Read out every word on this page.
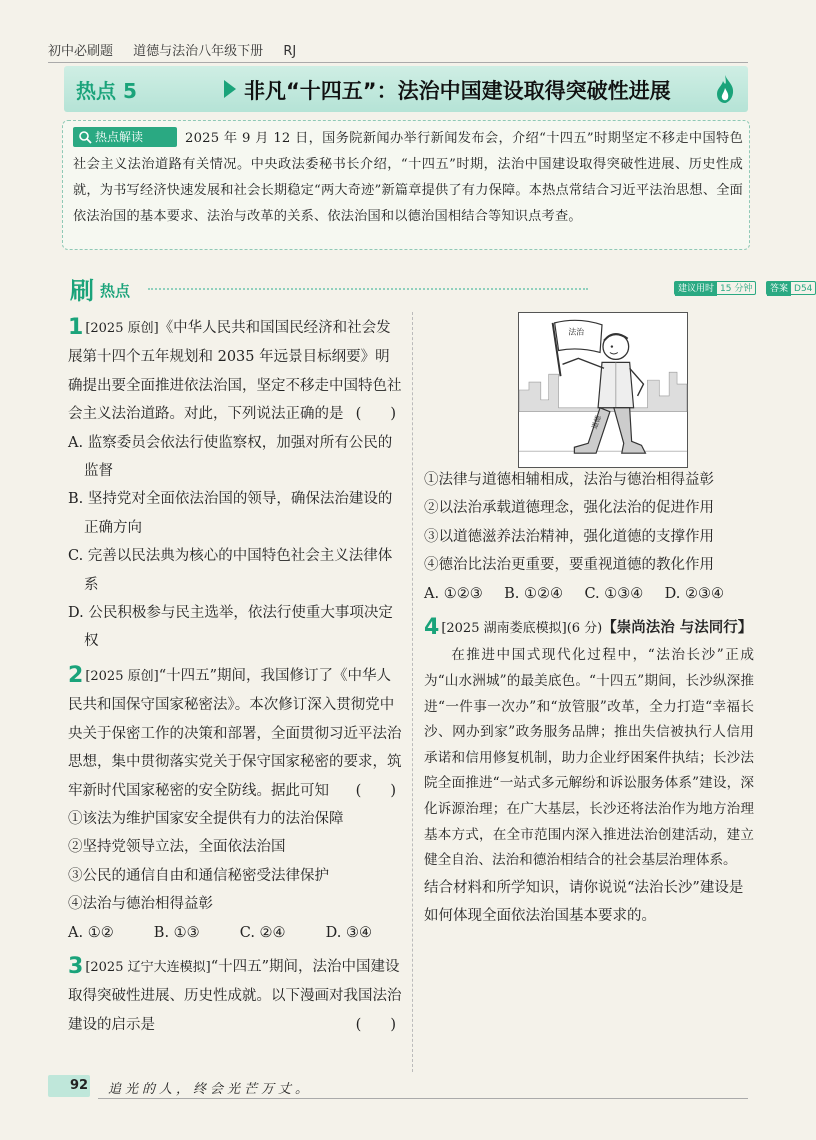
初中必刷题 道德与法治八年级下册 RJ
热点 5	非凡“十四五”：法治中国建设取得突破性进展

2025 年 9 月 12 日，国务院新闻办举行新闻发布会，介绍“十四五”时期坚定不移走中国特色社会主义法治道路有关情况。中央政法委秘书长介绍，“十四五”时期，法治中国建设取得突破性进展、历史性成就，为书写经济快速发展和社会长期稳定“两大奇迹”新篇章提供了有力保障。本热点常结合习近平法治思想、全面依法治国的基本要求、法治与改革的关系、依法治国和以德治国相结合等知识点考查。

热点解读
刷 热点	建议用时 15 分钟	答案 D54
1 [2025 原创]《中华人民共和国国民经济和社会发展第十四个五年规划和 2035 年远景目标纲要》明确提出要全面推进依法治国，坚定不移走中国特色社会主义法治道路。对此，下列说法正确的是 (　　)
A. 监察委员会依法行使监察权，加强对所有公民的监督
B. 坚持党对全面依法治国的领导，确保法治建设的正确方向
C. 完善以民法典为核心的中国特色社会主义法律体系
D. 公民积极参与民主选举，依法行使重大事项决定权
2 [2025 原创]“十四五”期间，我国修订了《中华人民共和国保守国家秘密法》。本次修订深入贯彻党中央关于保密工作的决策和部署，全面贯彻习近平法治思想，集中贯彻落实党关于保守国家秘密的要求，筑牢新时代国家秘密的安全防线。据此可知 (　　)
①该法为维护国家安全提供有力的法治保障
②坚持党领导立法，全面依法治国
③公民的通信自由和通信秘密受法律保护
④法治与德治相得益彰
A. ①②	B. ①③	C. ②④	D. ③④
3 [2025 辽宁大连模拟]“十四五”期间，法治中国建设取得突破性进展、历史性成就。以下漫画对我国法治建设的启示是	(　　)
法治
道德
①法律与道德相辅相成，法治与德治相得益彰
②以法治承载道德理念，强化法治的促进作用
③以道德滋养法治精神，强化道德的支撑作用
④德治比法治更重要，要重视道德的教化作用
A. ①②③ B. ①②④ C. ①③④ D. ②③④
4 [2025 湖南娄底模拟](6 分)【崇尚法治 与法同行】
在推进中国式现代化过程中，“法治长沙”正成为“山水洲城”的最美底色。“十四五”期间，长沙纵深推进“一件事一次办”和“放管服”改革，全力打造“幸福长沙、网办到家”政务服务品牌；推出失信被执行人信用承诺和信用修复机制，助力企业纾困案件执结；长沙法院全面推进“一站式多元解纷和诉讼服务体系”建设，深化诉源治理；在广大基层，长沙还将法治作为地方治理基本方式，在全市范围内深入推进法治创建活动，建立健全自治、法治和德治相结合的社会基层治理体系。
结合材料和所学知识，请你说说“法治长沙”建设是如何体现全面依法治国基本要求的。
92 追光的人，终会光芒万丈。
